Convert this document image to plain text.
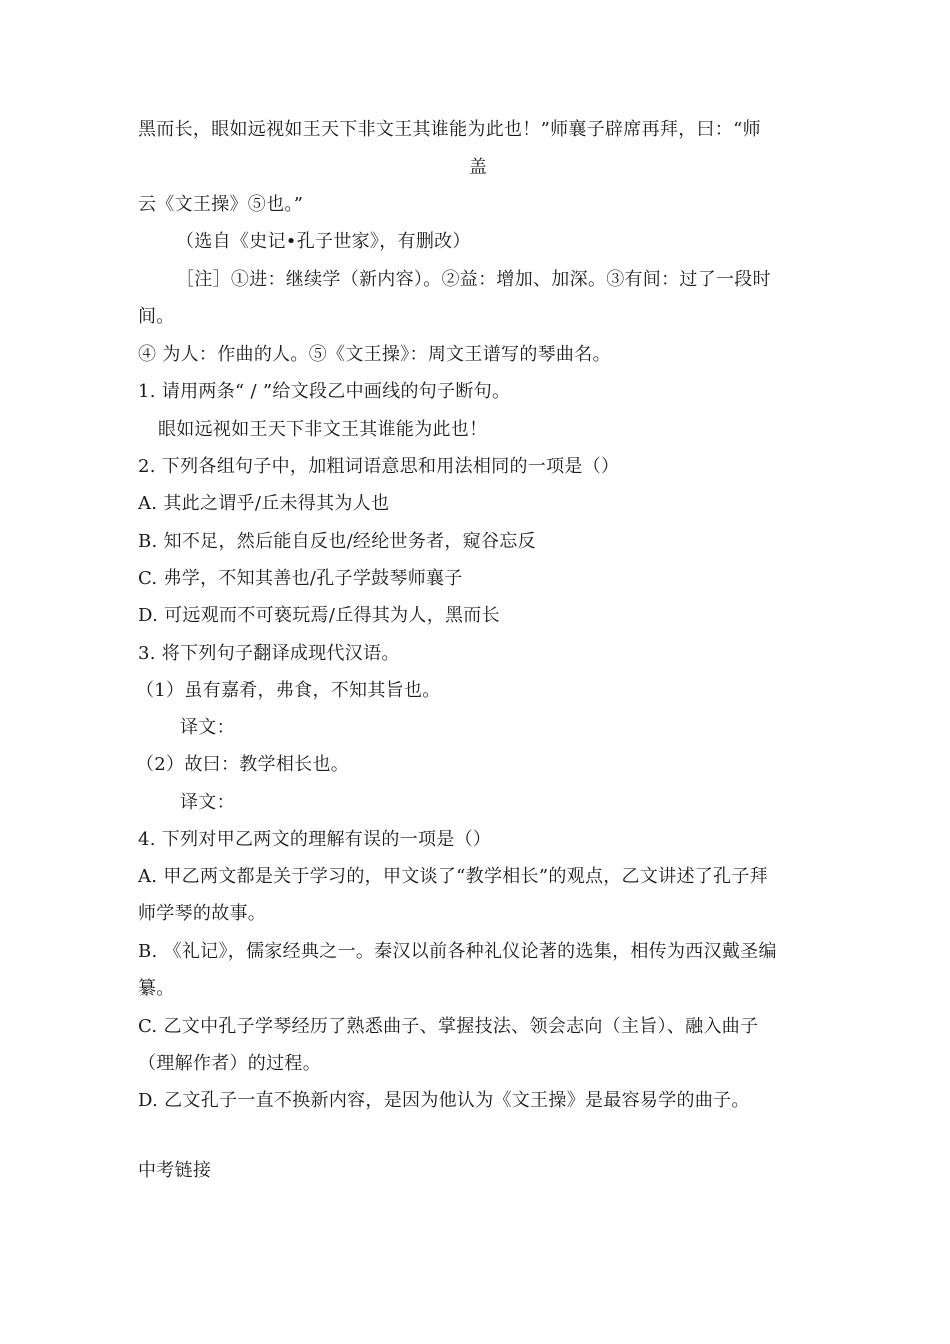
黑而长，眼如远视如王天下非文王其谁能为此也！”师襄子辟席再拜，曰：“师
盖
云《文王操》⑤也。”
（选自《史记•孔子世家》，有删改）
［注］①进：继续学（新内容）。②益：增加、加深。③有间：过了一段时
间。
④ 为人：作曲的人。⑤《文王操》：周文王谱写的琴曲名。
1. 请用两条“ / ”给文段乙中画线的句子断句。
眼如远视如王天下非文王其谁能为此也！
2. 下列各组句子中，加粗词语意思和用法相同的一项是（）
A. 其此之谓乎/丘未得其为人也
B. 知不足，然后能自反也/经纶世务者，窥谷忘反
C. 弗学，不知其善也/孔子学鼓琴师襄子
D. 可远观而不可亵玩焉/丘得其为人，黑而长
3. 将下列句子翻译成现代汉语。
（1）虽有嘉肴，弗食，不知其旨也。
译文：
（2）故曰：教学相长也。
译文：
4. 下列对甲乙两文的理解有误的一项是（）
A. 甲乙两文都是关于学习的，甲文谈了“教学相长”的观点，乙文讲述了孔子拜
师学琴的故事。
B. 《礼记》，儒家经典之一。秦汉以前各种礼仪论著的选集，相传为西汉戴圣编
纂。
C. 乙文中孔子学琴经历了熟悉曲子、掌握技法、领会志向（主旨）、融入曲子
（理解作者）的过程。
D. 乙文孔子一直不换新内容，是因为他认为《文王操》是最容易学的曲子。
中考链接
